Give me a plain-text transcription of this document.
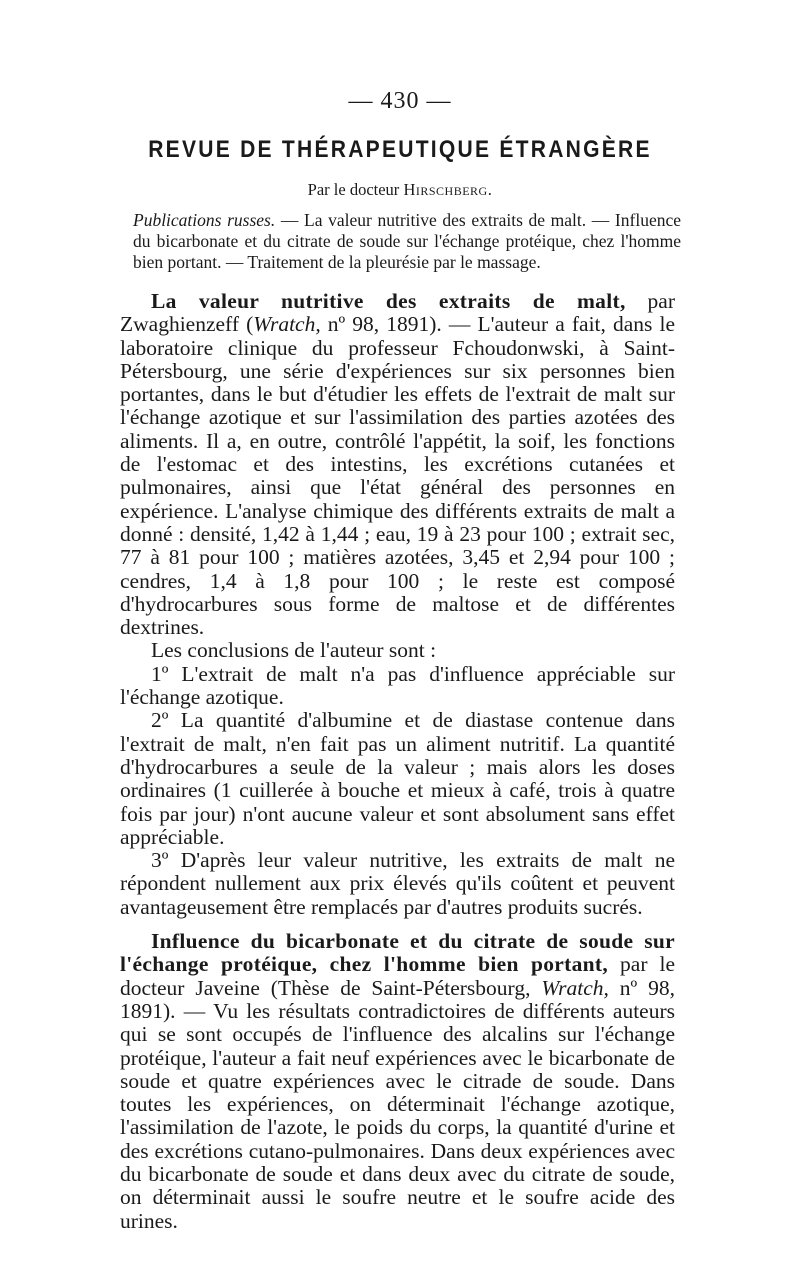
— 430 —
REVUE DE THÉRAPEUTIQUE ÉTRANGÈRE
Par le docteur Hirschberg.
Publications russes. — La valeur nutritive des extraits de malt. — Influence du bicarbonate et du citrate de soude sur l'échange protéique, chez l'homme bien portant. — Traitement de la pleurésie par le massage.

La valeur nutritive des extraits de malt, par Zwaghienzeff (Wratch, nº 98, 1891). — L'auteur a fait, dans le laboratoire clinique du professeur Fchoudonwski, à Saint-Pétersbourg, une série d'expériences sur six personnes bien portantes, dans le but d'étudier les effets de l'extrait de malt sur l'échange azotique et sur l'assimilation des parties azotées des aliments. Il a, en outre, contrôlé l'appétit, la soif, les fonctions de l'estomac et des intestins, les excrétions cutanées et pulmonaires, ainsi que l'état général des personnes en expérience. L'analyse chimique des différents extraits de malt a donné : densité, 1,42 à 1,44 ; eau, 19 à 23 pour 100 ; extrait sec, 77 à 81 pour 100 ; matières azotées, 3,45 et 2,94 pour 100 ; cendres, 1,4 à 1,8 pour 100 ; le reste est composé d'hydrocarbures sous forme de maltose et de différentes dextrines.

Les conclusions de l'auteur sont :

1º L'extrait de malt n'a pas d'influence appréciable sur l'échange azotique.

2º La quantité d'albumine et de diastase contenue dans l'extrait de malt, n'en fait pas un aliment nutritif. La quantité d'hydrocarbures a seule de la valeur ; mais alors les doses ordinaires (1 cuillerée à bouche et mieux à café, trois à quatre fois par jour) n'ont aucune valeur et sont absolument sans effet appréciable.

3º D'après leur valeur nutritive, les extraits de malt ne répondent nullement aux prix élevés qu'ils coûtent et peuvent avantageusement être remplacés par d'autres produits sucrés.

Influence du bicarbonate et du citrate de soude sur l'échange protéique, chez l'homme bien portant, par le docteur Javeine (Thèse de Saint-Pétersbourg, Wratch, nº 98, 1891). — Vu les résultats contradictoires de différents auteurs qui se sont occupés de l'influence des alcalins sur l'échange protéique, l'auteur a fait neuf expériences avec le bicarbonate de soude et quatre expériences avec le citrade de soude. Dans toutes les expériences, on déterminait l'échange azotique, l'assimilation de l'azote, le poids du corps, la quantité d'urine et des excrétions cutano-pulmonaires. Dans deux expériences avec du bicarbonate de soude et dans deux avec du citrate de soude, on déterminait aussi le soufre neutre et le soufre acide des urines.
